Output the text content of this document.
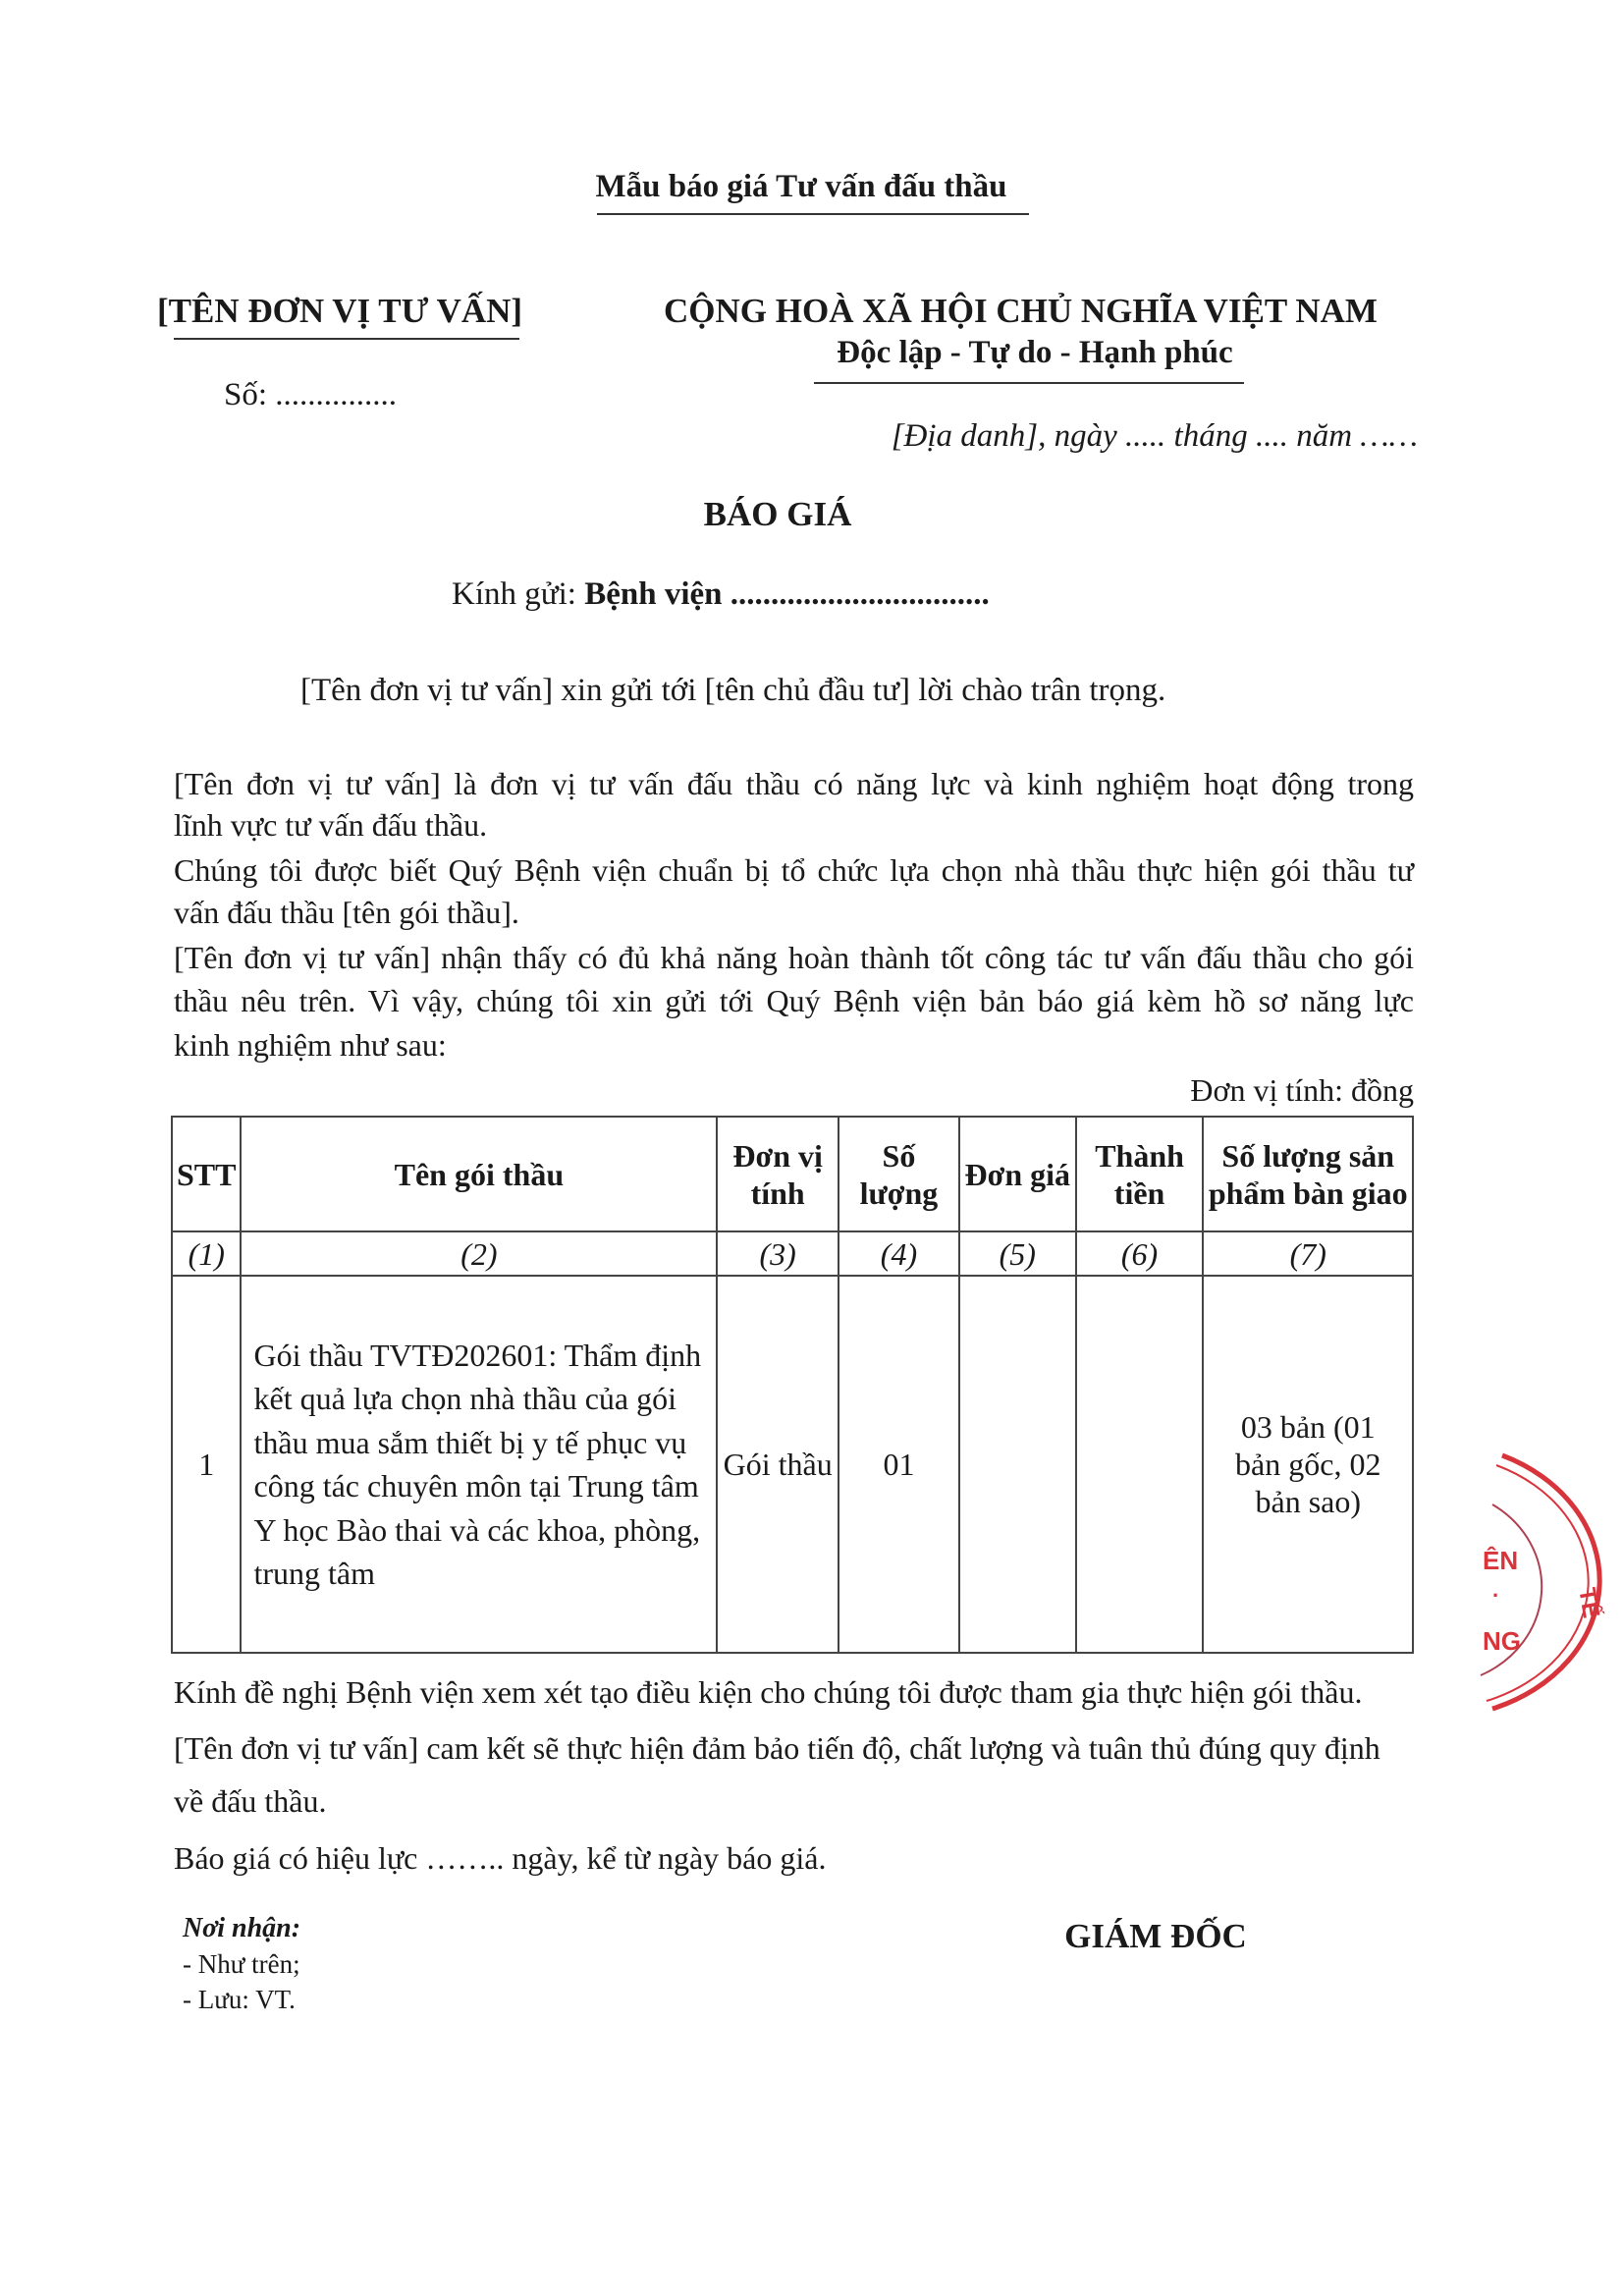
Mẫu báo giá Tư vấn đấu thầu
[TÊN ĐƠN VỊ TƯ VẤN]
Số: ...............
CỘNG HOÀ XÃ HỘI CHỦ NGHĨA VIỆT NAM
Độc lập - Tự do - Hạnh phúc
[Địa danh], ngày ..... tháng .... năm ……
BÁO GIÁ
Kính gửi: Bệnh viện ................................
[Tên đơn vị tư vấn] xin gửi tới [tên chủ đầu tư] lời chào trân trọng.
[Tên đơn vị tư vấn] là đơn vị tư vấn đấu thầu có năng lực và kinh nghiệm hoạt động trong
lĩnh vực tư vấn đấu thầu.
Chúng tôi được biết Quý Bệnh viện chuẩn bị tổ chức lựa chọn nhà thầu thực hiện gói thầu tư
vấn đấu thầu [tên gói thầu].
[Tên đơn vị tư vấn] nhận thấy có đủ khả năng hoàn thành tốt công tác tư vấn đấu thầu cho gói
thầu nêu trên. Vì vậy, chúng tôi xin gửi tới Quý Bệnh viện bản báo giá kèm hồ sơ năng lực
kinh nghiệm như sau:
Đơn vị tính: đồng
STT	Tên gói thầu	Đơn vị tính	Số lượng	Đơn giá	Thành tiền	Số lượng sản phẩm bàn giao
(1)	(2)	(3)	(4)	(5)	(6)	(7)
1	Gói thầu TVTĐ202601: Thẩm định kết quả lựa chọn nhà thầu của gói thầu mua sắm thiết bị y tế phục vụ công tác chuyên môn tại Trung tâm Y học Bào thai và các khoa, phòng, trung tâm	Gói thầu	01			03 bản (01 bản gốc, 02 bản sao)
Kính đề nghị Bệnh viện xem xét tạo điều kiện cho chúng tôi được tham gia thực hiện gói thầu.
[Tên đơn vị tư vấn] cam kết sẽ thực hiện đảm bảo tiến độ, chất lượng và tuân thủ đúng quy định
về đấu thầu.
Báo giá có hiệu lực …….. ngày, kể từ ngày báo giá.
Nơi nhận:
- Như trên;
- Lưu: VT.
GIÁM ĐỐC
ÊN
·
NG
TẾ
